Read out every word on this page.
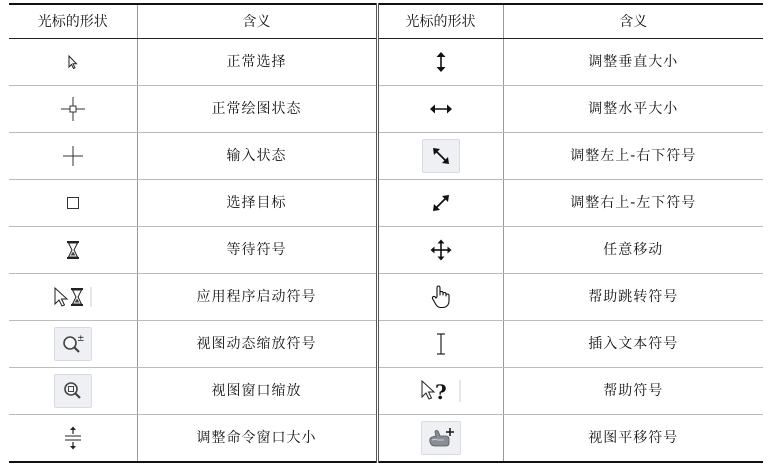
光标的形状	含义	光标的形状	含义

	正常选择		调整垂直大小

	正常绘图状态		调整水平大小

	输入状态		调整左上-右下符号

	选择目标		调整右上-左下符号

	等待符号		任意移动

	应用程序启动符号		帮助跳转符号

±	视图动态缩放符号		插入文本符号

	视图窗口缩放	?	帮助符号

	调整命令窗口大小		视图平移符号
